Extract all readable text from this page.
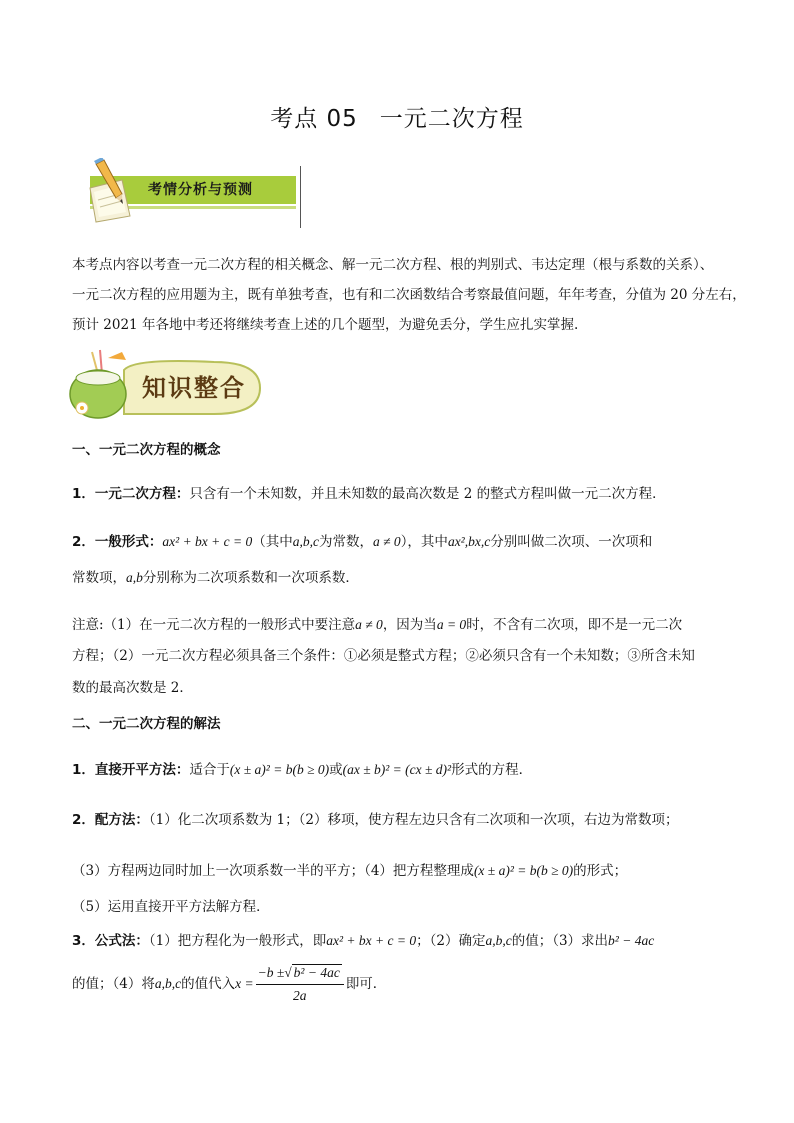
考点 05 一元二次方程
考情分析与预测
本考点内容以考查一元二次方程的相关概念、解一元二次方程、根的判别式、韦达定理（根与系数的关系）、
一元二次方程的应用题为主，既有单独考查，也有和二次函数结合考察最值问题，年年考查，分值为 20 分左右，
预计 2021 年各地中考还将继续考查上述的几个题型，为避免丢分，学生应扎实掌握.
知识整合
一、一元二次方程的概念
1．一元二次方程：只含有一个未知数，并且未知数的最高次数是 2 的整式方程叫做一元二次方程．
2．一般形式：ax² + bx + c = 0（其中a,b,c为常数，a ≠ 0），其中ax²,bx,c分别叫做二次项、一次项和
常数项，a,b分别称为二次项系数和一次项系数．
注意:（1）在一元二次方程的一般形式中要注意a ≠ 0，因为当a = 0时，不含有二次项，即不是一元二次
方程；（2）一元二次方程必须具备三个条件：①必须是整式方程；②必须只含有一个未知数；③所含未知
数的最高次数是 2．
二、一元二次方程的解法
1．直接开平方法：适合于(x ± a)² = b(b ≥ 0)或(ax ± b)² = (cx ± d)²形式的方程．
2．配方法：（1）化二次项系数为 1；（2）移项，使方程左边只含有二次项和一次项，右边为常数项；
（3）方程两边同时加上一次项系数一半的平方；（4）把方程整理成(x ± a)² = b(b ≥ 0)的形式；
（5）运用直接开平方法解方程．
3．公式法：（1）把方程化为一般形式，即ax² + bx + c = 0；（2）确定a,b,c的值；（3）求出b² − 4ac
的值；（4）将a,b,c的值代入$x = \frac{\text{−b ±√ b² − 4ac}}{2a}$ 即可．
